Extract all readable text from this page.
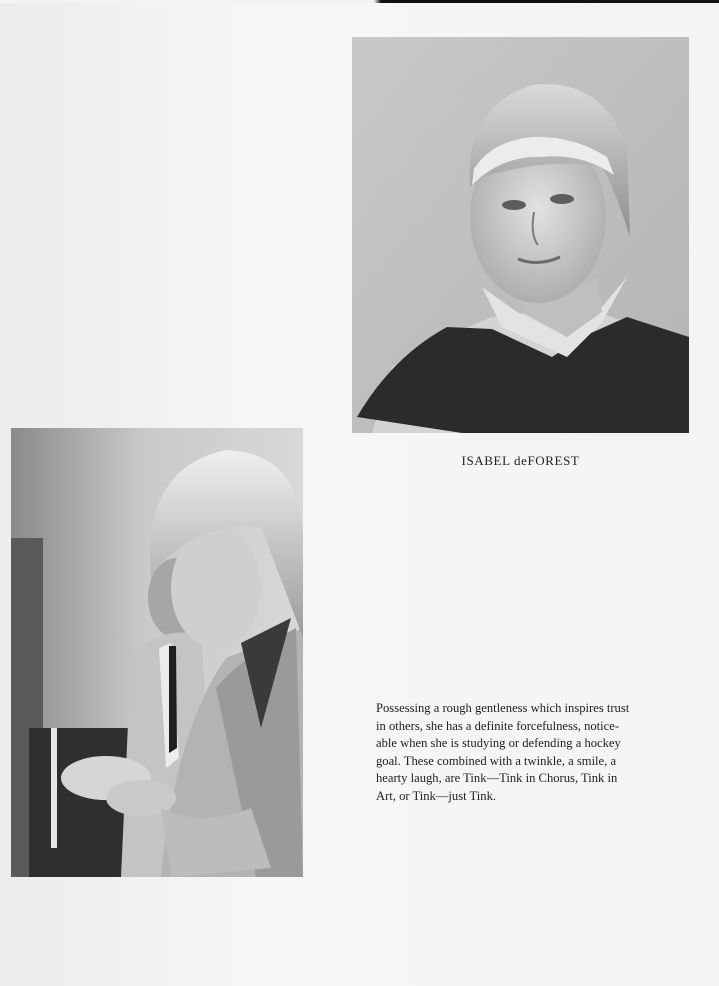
ISABEL deFOREST
Possessing a rough gentleness which inspires trust
in others, she has a definite forcefulness, notice-
able when she is studying or defending a hockey
goal. These combined with a twinkle, a smile, a
hearty laugh, are Tink—Tink in Chorus, Tink in
Art, or Tink—just Tink.
